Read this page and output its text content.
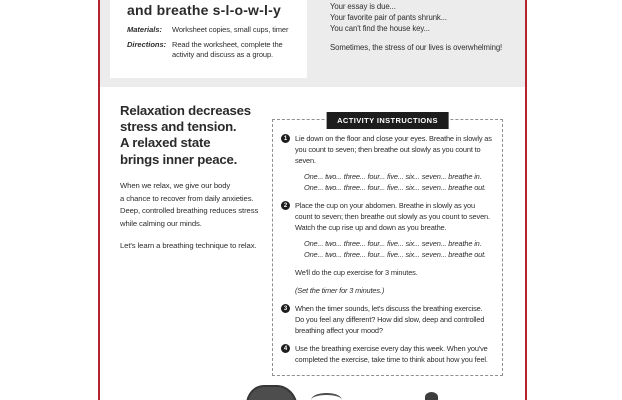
and breathe s-l-o-w-l-y
Materials:	Worksheet copies, small cups, timer
Directions: Read the worksheet, complete the activity and discuss as a group.
Your essay is due...
Your favorite pair of pants shrunk...
You can't find the house key...
Sometimes, the stress of our lives is overwhelming!
Relaxation decreases
stress and tension.
A relaxed state
brings inner peace.
When we relax, we give our body
a chance to recover from daily anxieties.
Deep, controlled breathing reduces stress
while calming our minds.
Let's learn a breathing technique to relax.
ACTIVITY INSTRUCTIONS
1	Lie down on the floor and close your eyes. Breathe in slowly as you count to seven; then breathe out slowly as you count to seven.
One... two... three... four... five... six... seven... breathe in.
One... two... three... four... five... six... seven... breathe out.
2	Place the cup on your abdomen. Breathe in slowly as you count to seven; then breathe out slowly as you count to seven. Watch the cup rise up and down as you breathe.
One... two... three... four... five... six... seven... breathe in.
One... two... three... four... five... six... seven... breathe out.
We'll do the cup exercise for 3 minutes.
(Set the timer for 3 minutes.)
3	When the timer sounds, let's discuss the breathing exercise. Do you feel any different? How did slow, deep and controlled breathing affect your mood?
4	Use the breathing exercise every day this week. When you've completed the exercise, take time to think about how you feel.
